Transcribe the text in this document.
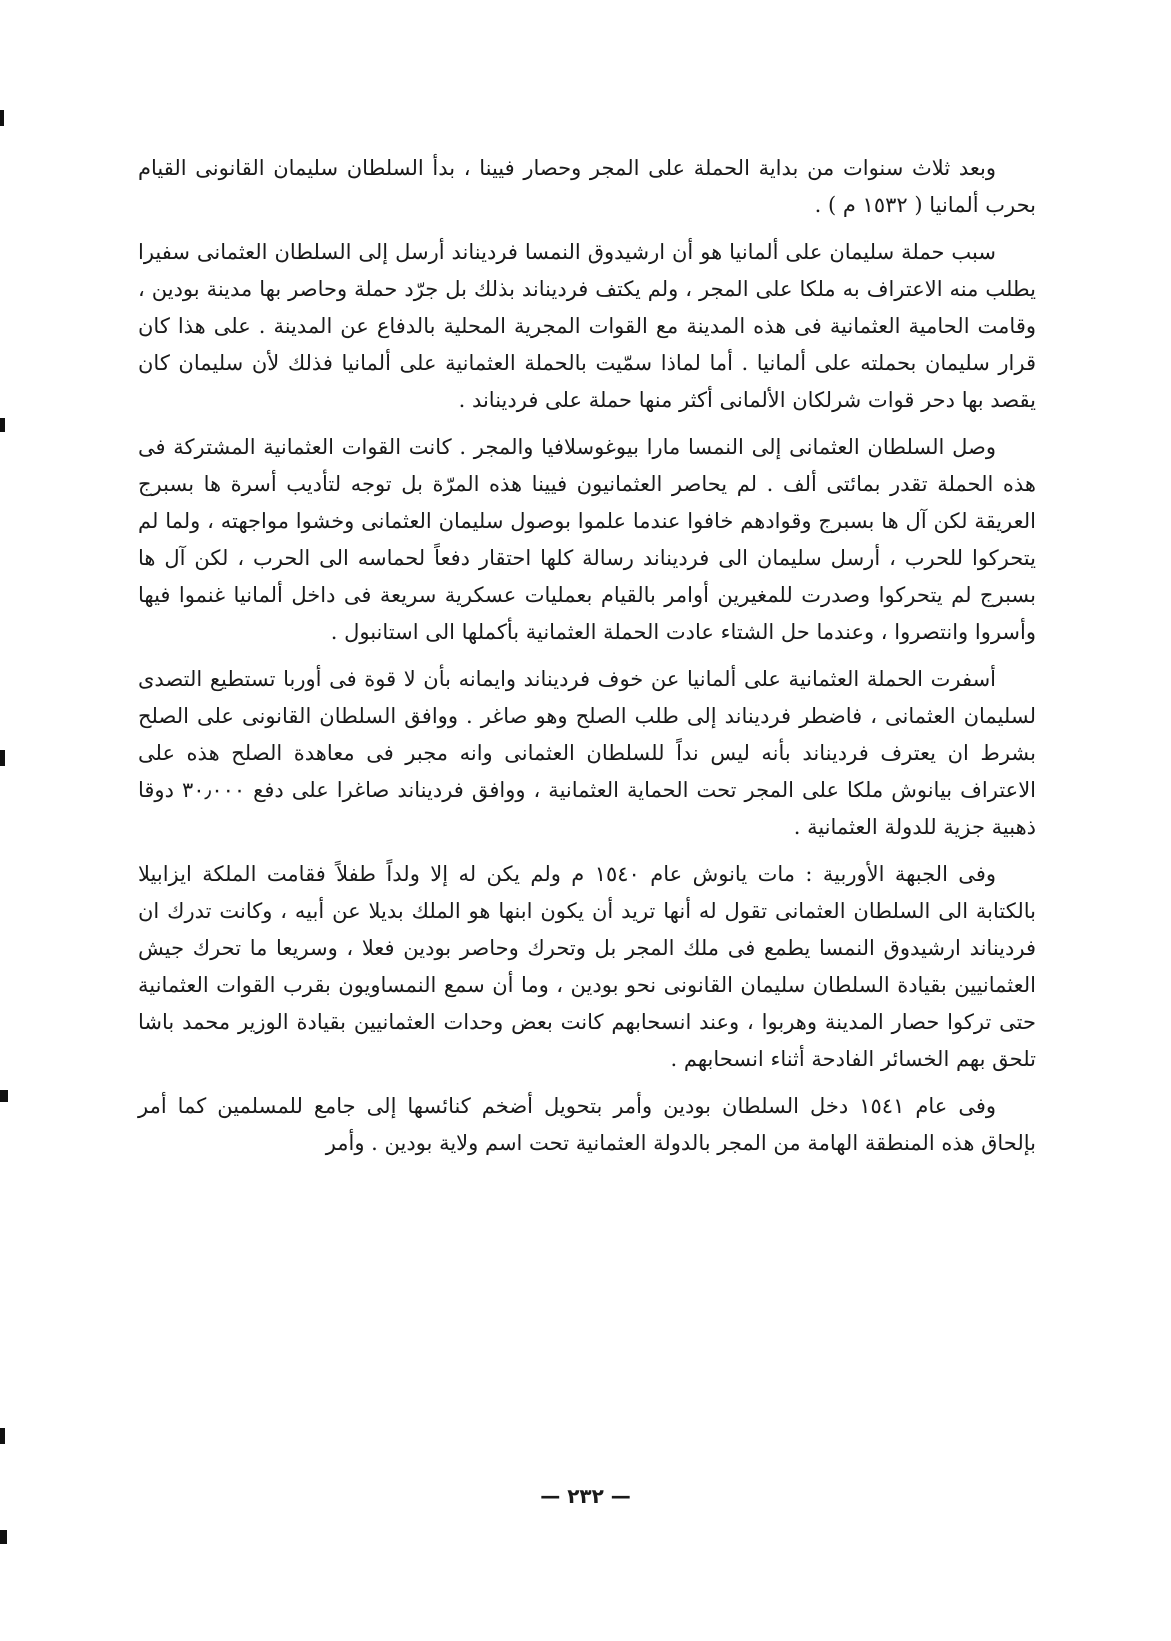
وبعد ثلاث سنوات من بداية الحملة على المجر وحصار فيينا ، بدأ السلطان سليمان القانونى القيام بحرب ألمانيا ( ١٥٣٢ م ) .

سبب حملة سليمان على ألمانيا هو أن ارشيدوق النمسا فردیناند أرسل إلى السلطان العثمانى سفيرا يطلب منه الاعتراف به ملكا على المجر ، ولم يكتف فرديناند بذلك بل جرّد حملة وحاصر بها مدينة بودين ، وقامت الحامية العثمانية فى هذه المدينة مع القوات المجرية المحلية بالدفاع عن المدينة . على هذا كان قرار سليمان بحملته على ألمانيا . أما لماذا سمّيت بالحملة العثمانية على ألمانيا فذلك لأن سليمان كان يقصد بها دحر قوات شرلكان الألمانى أكثر منها حملة على فرديناند .

وصل السلطان العثمانى إلى النمسا مارا بيوغوسلافيا والمجر . كانت القوات العثمانية المشتركة فى هذه الحملة تقدر بمائتى ألف . لم يحاصر العثمانيون فيينا هذه المرّة بل توجه لتأديب أسرة ها بسبرج العريقة لكن آل ها بسبرج وقوادهم خافوا عندما علموا بوصول سليمان العثمانى وخشوا مواجهته ، ولما لم يتحركوا للحرب ، أرسل سليمان الى فرديناند رسالة كلها احتقار دفعاً لحماسه الى الحرب ، لكن آل ها بسبرج لم يتحركوا وصدرت للمغيرين أوامر بالقيام بعمليات عسكرية سريعة فى داخل ألمانيا غنموا فيها وأسروا وانتصروا ، وعندما حل الشتاء عادت الحملة العثمانية بأكملها الى استانبول .

أسفرت الحملة العثمانية على ألمانيا عن خوف فرديناند وايمانه بأن لا قوة فى أوربا تستطيع التصدى لسليمان العثمانى ، فاضطر فرديناند إلى طلب الصلح وهو صاغر . ووافق السلطان القانونى على الصلح بشرط ان يعترف فرديناند بأنه ليس نداً للسلطان العثمانى وانه مجبر فى معاهدة الصلح هذه على الاعتراف بيانوش ملكا على المجر تحت الحماية العثمانية ، ووافق فرديناند صاغرا على دفع ٣٠٫٠٠٠ دوقا ذهبية جزية للدولة العثمانية .

وفى الجبهة الأوربية : مات يانوش عام ١٥٤٠ م ولم يكن له إلا ولداً طفلاً فقامت الملكة ايزابيلا بالكتابة الى السلطان العثمانى تقول له أنها تريد أن يكون ابنها هو الملك بديلا عن أبيه ، وكانت تدرك ان فرديناند ارشيدوق النمسا يطمع فى ملك المجر بل وتحرك وحاصر بودين فعلا ، وسريعا ما تحرك جيش العثمانيين بقيادة السلطان سليمان القانونى نحو بودين ، وما أن سمع النمساويون بقرب القوات العثمانية حتى تركوا حصار المدينة وهربوا ، وعند انسحابهم كانت بعض وحدات العثمانيين بقيادة الوزير محمد باشا تلحق بهم الخسائر الفادحة أثناء انسحابهم .

وفى عام ١٥٤١ دخل السلطان بودين وأمر بتحويل أضخم كنائسها إلى جامع للمسلمين كما أمر بإلحاق هذه المنطقة الهامة من المجر بالدولة العثمانية تحت اسم ولاية بودين . وأمر

— ٢٣٢ —
